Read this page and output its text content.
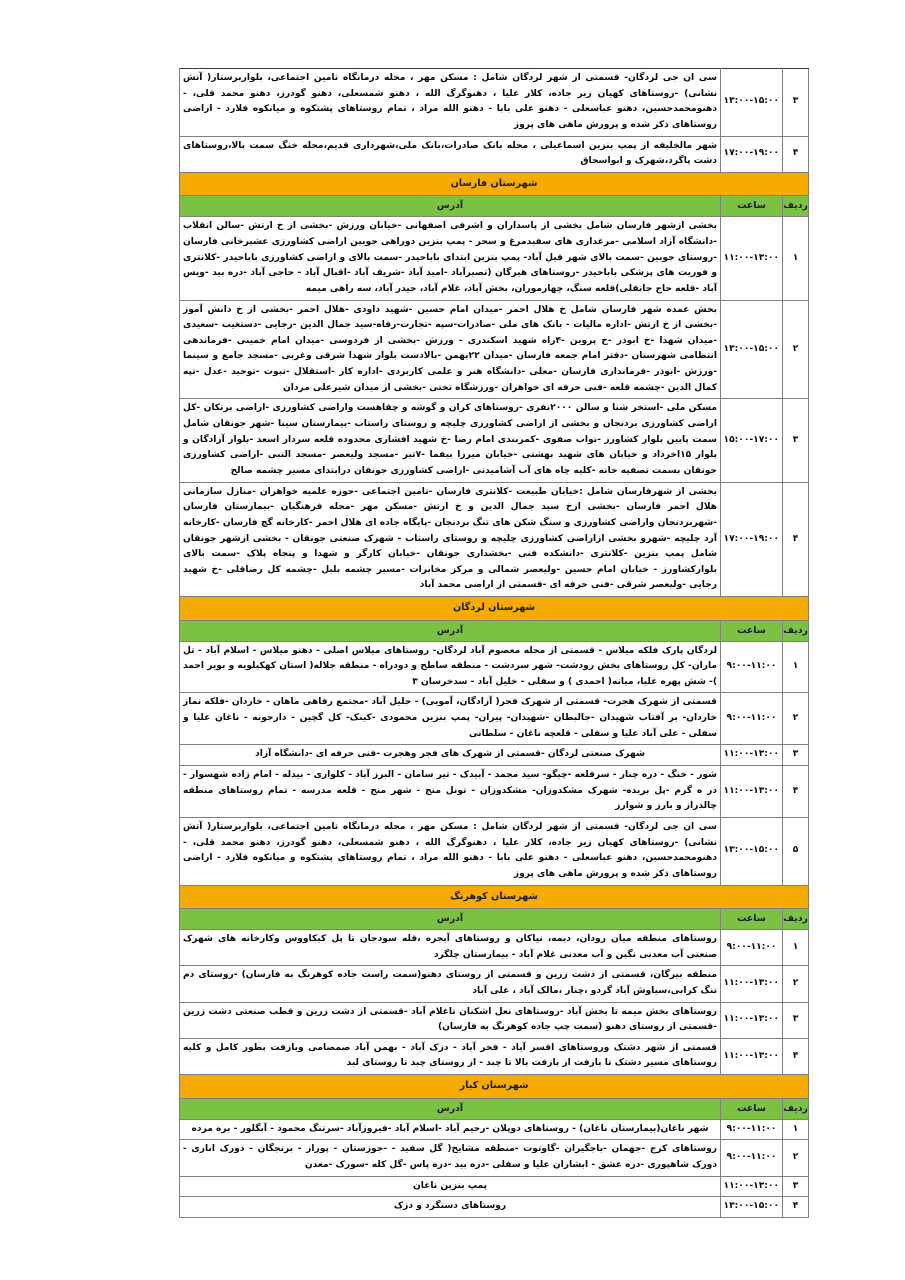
۳	۱۳:۰۰-۱۵:۰۰	سی ان جی لردگان- قسمتی از شهر لردگان شامل : مسکن مهر ، محله درمانگاه تامین اجتماعی، بلواربرستار( آتش نشانی) -روستاهای کهیان زیر جاده، کلار علیا ، دهنوگرگ الله ، دهنو شمسعلی، دهنو گودرز، دهنو محمد قلی، - دهنومحمدحسین، دهنو عباسعلی - دهنو علی بابا - دهنو الله مراد ، تمام روستاهای پشتکوه و میانکوه فلارد - اراضی روستاهای ذکر شده و پرورش ماهی های پروز
۴	۱۷:۰۰-۱۹:۰۰	شهر مالخلیفه از پمپ بنزین اسماعیلی ، محله بانک صادرات،بانک ملی،شهرداری قدیم،محله خنگ سمت بالا،روستاهای دشت پاگرد،شهرک و ابواسحاق
شهرستان فارسان		
ردیف	ساعت	آدرس
۱	۱۱:۰۰-۱۳:۰۰	بخشی ازشهر فارسان شامل بخشی از پاسداران و اشرفی اصفهانی -خیابان ورزش -بخشی از خ ارتش -سالن انقلاب -دانشگاه آزاد اسلامی -مرغداری های سفیدمرغ و سحر - پمپ بنزین دوراهی جوبین اراضی کشاورزی عشیرخانی فارسان -روستای جوبین -سمت بالای شهر قیل آباد- پمپ بنزین ابتدای باباحیدر -سمت بالای و اراضی کشاورزی باباحیدر -کلانتری و فوریت های پزشکی باباحیدر -روستاهای هیرگان (تصیرآباد -امید آباد -شریف آباد -اقبال آباد - حاجی آباد -دره بید -ویس آباد -قلعه حاج جانقلی)قلعه سنگ، چهارموران، بخش آباد، غلام آباد، حیدر آباد، سه راهی میمه
۲	۱۳:۰۰-۱۵:۰۰	بخش عمده شهر فارسان شامل خ هلال احمر -میدان امام حسین -شهید داودی -هلال احمر -بخشی از خ دانش آموز -بخشی از خ ارتش -اداره مالیات - بانک های ملی -صادرات-سپه -تجارت-رفاه-سید جمال الدین -رجایی -دستغیب -سعیدی -میدان شهدا -خ ابوذر -خ پروین -۴راه شهید اسکندری - ورزش -بخشی از فردوسی -میدان امام خمینی -فرماندهی انتظامی شهرستان -دفتر امام جمعه فارسان -میدان ۲۲بهمن -بالادست بلوار شهدا شرقی وغربی -مسجد جامع و سینما -ورزش -ابوذر -فرمانداری فارسان -معلی -دانشگاه هنر و علمی کاربردی -اداره کار -استقلال -نبوت -توحید -عدل -تپه کمال الدین -چشمه قلعه -فنی حرفه ای خواهران -ورزشگاه تختی -بخشی از میدان شیرعلی مردان
۳	۱۵:۰۰-۱۷:۰۰	مسکن ملی -استخر شنا و سالن ۲۰۰۰نفری -روستاهای کران و گوشه و چقاهست واراضی کشاورزی -اراضی برنکان -کل اراضی کشاورزی بردنجان و بخشی از اراضی کشاورزی چلیچه و روستای راستاب -بیمارستان سینا -شهر جونقان شامل سمت پایین بلوار کشاورز -نواب صفوی -کمربندی امام رضا -خ شهید افشاری محدوده قلعه سردار اسعد -بلوار آزادگان و بلوار ۱۵اخرداد و خیابان های شهید بهشتی -خیابان میرزا بیفما -۷تیر -مسجد ولیعصر -مسجد النبی -اراضی کشاورزی جونقان بسمت تصفیه خانه -کلیه چاه های آب آشامیدنی -اراضی کشاورزی جونقان درابتدای مسیر چشمه صالح
۴	۱۷:۰۰-۱۹:۰۰	بخشی از شهرفارسان شامل :خیابان طبیعت -کلانتری فارسان -تامین اجتماعی -حوزه علمیه خواهران -منازل سازمانی هلال احمر فارسان -بخشی ازخ سید جمال الدین و خ ارتش -مسکن مهر -محله فرهنگیان -بیمارستان فارسان -شهربردنجان واراضی کشاورزی و سنگ شکن های تنگ بردنجان -پایگاه جاده ای هلال احمر -کارخانه گچ فارسان -کارخانه آرد چلیچه -شهرو بخشی ازاراضی کشاورزی چلیچه و روستای راستاب - شهرک صنعتی جونقان - بخشی ازشهر جونقان شامل پمپ بنزین -کلانتری -دانشکده فنی -بخشداری جونقان -خیابان کارگر و شهدا و پنجاه پلاک -سمت بالای بلوارکشاورز - خیابان امام حسین -ولیعصر شمالی و مرکز مخابرات -مسیر چشمه بلبل -چشمه کل رضاقلی -خ شهید رجایی -ولیعصر شرقی -فنی حرفه ای -قسمتی از اراضی محمد آباد
شهرستان لردگان		
ردیف	ساعت	آدرس
۱	۹:۰۰-۱۱:۰۰	لردگان پارک فلکه میلاس - قسمتی از محله معصوم آباد لردگان- روستاهای میلاس اصلی - دهنو میلاس - اسلام آباد - تل ماران- کل روستاهای بخش رودشت- شهر سردشت - منطقه ساطح و دودراه - منطقه جلاله( استان کهکیلویه و بویر احمد )- شش پهره علیا، میانه( احمدی ) و سفلی - خلیل آباد - سدخرسان ۳
۲	۹:۰۰-۱۱:۰۰	قسمتی از شهرک هجرت- قسمتی از شهرک فجر( آزادگان، آموبی) - جلیل آباد -مجتمع رفاهی ماهان - خاردان -فلکه نماز خاردان- بر آفتاب شهیدان -جالبطان -شهیدان- پیران- پمپ بنزین محمودی -کینک- کل گچین - دارجونه - ناغان علیا و سفلی - علی آباد علیا و سفلی - قلعچه ناغان - سلطانی
۳	۱۱:۰۰-۱۳:۰۰	شهرک صنعتی لردگان -قسمتی از شهرک های فجر وهجرت -فنی حرفه ای -دانشگاه آزاد
۴	۱۱:۰۰-۱۳:۰۰	شور - خنگ - دره چنار - سرقلعه -چیگو- سید محمد - آبیدک - تیر سامان - البرز آباد - کلواری - بیدله - امام زاده شهسوار - در ه گرم -پل بریده- شهرک مشکدوزان- مشکدوزان - تونل منج - شهر منج - قلعه مدرسه - تمام روستاهای منطقه چالدراز و بارز و شوارز
۵	۱۳:۰۰-۱۵:۰۰	سی ان جی لردگان- قسمتی از شهر لردگان شامل : مسکن مهر ، محله درمانگاه تامین اجتماعی، بلواربرستار( آتش نشانی) -روستاهای کهیان زیر جاده، کلار علیا ، دهنوگرگ الله ، دهنو شمسعلی، دهنو گودرز، دهنو محمد قلی، - دهنومحمدحسین، دهنو عباسعلی - دهنو علی بابا - دهنو الله مراد ، تمام روستاهای پشتکوه و میانکوه فلارد - اراضی روستاهای ذکر شده و پرورش ماهی های پروز
شهرستان کوهرنگ		
ردیف	ساعت	آدرس
۱	۹:۰۰-۱۱:۰۰	روستاهای منطقه میان رودان، دیمه، نیاکان و روستاهای آبجره ،قله سودجان تا پل کیکاووس وکارخانه های شهرک صنعتی آب معدنی نگین و آب معدنی غلام آباد - بیمارستان چلگرد
۲	۱۱:۰۰-۱۳:۰۰	منطقه بیرگان، قسمتی از دشت زرین و قسمتی از روستای دهنو(سمت راست جاده کوهرنگ به فارسان) -روستای دم تنگ کرابی،سیاوش آباد گردو ،چنار ،مالک آباد ، علی آباد
۳	۱۱:۰۰-۱۳:۰۰	روستاهای بخش میمه تا بخش آباد -روستاهای نعل اشکنان تاغلام آباد -قسمتی از دشت زرین و قطب صنعتی دشت زرین -قسمتی از روستای دهنو (سمت چپ جاده کوهرنگ به فارسان)
۴	۱۱:۰۰-۱۳:۰۰	قسمتی از شهر دشتک وروستاهای اقسر آباد - فخر آباد - دزک آباد - بهمن آباد صمصامی وبازفت بطور کامل و کلیه روستاهای مسیر دشتک تا بازفت از بازفت بالا تا چبد - از روستای چبد تا روستای لبد
شهرستان کیار		
ردیف	ساعت	آدرس
۱	۹:۰۰-۱۱:۰۰	شهر ناغان(بیمارستان ناغان) - روستاهای دوپلان -رحیم آباد -اسلام آباد -فیروزآباد -سرتنگ محمود - آبگلور - بره مرده
۲	۹:۰۰-۱۱:۰۰	روستاهای کرج -جهمان -باجگیران -گاوتوت -منطقه مشایخ( گل سفید - -جوزستان - پوراز - برنجگان - دورک اناری - دورک شاهپوری -دره عشق - ابشاران علیا و سفلی -دره بید -دره پاس -گل کله -سورک -معدن
۳	۱۱:۰۰-۱۳:۰۰	پمپ بنزین ناغان
۴	۱۳:۰۰-۱۵:۰۰	روستاهای دستگرد و دزک
